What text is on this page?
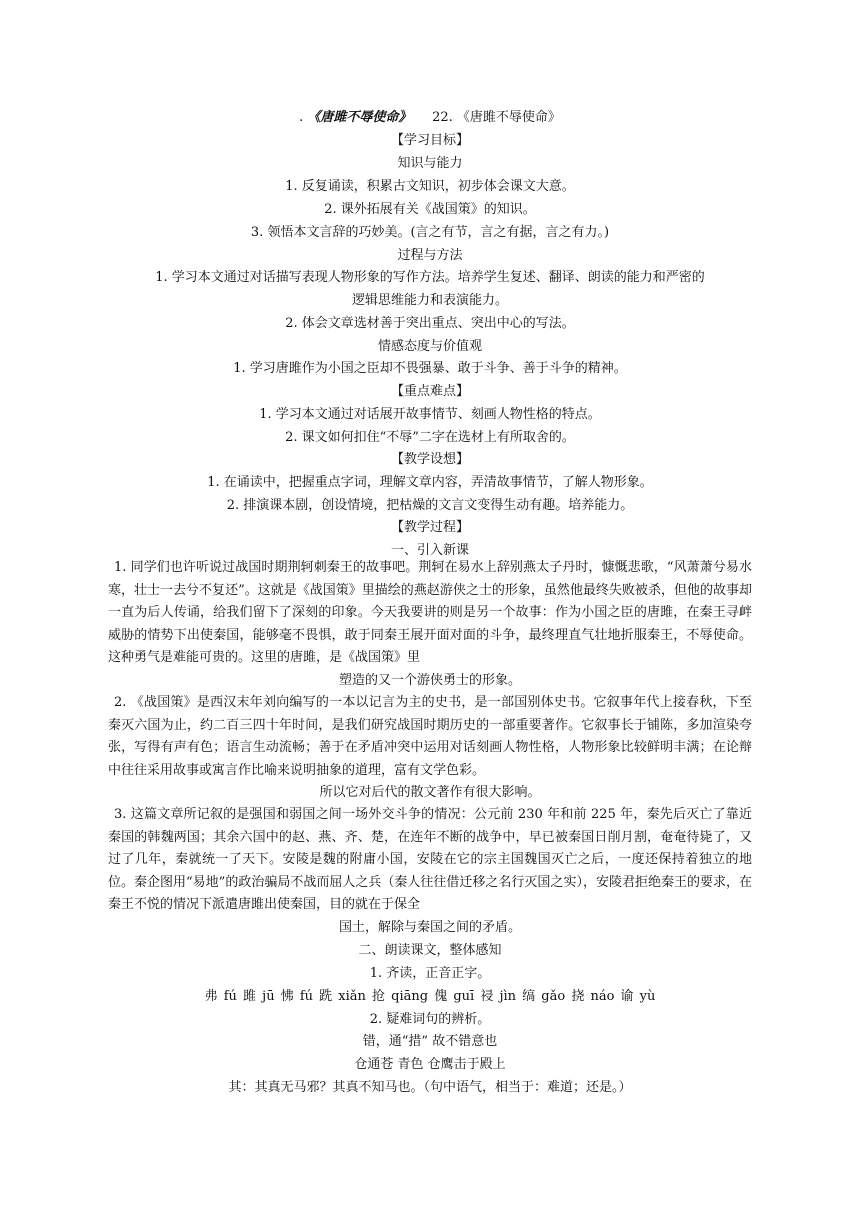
. 《唐雎不辱使命》 22. 《唐雎不辱使命》
【学习目标】
知识与能力
1. 反复诵读，积累古文知识，初步体会课文大意。
2. 课外拓展有关《战国策》的知识。
3. 领悟本文言辞的巧妙美。(言之有节，言之有据，言之有力。)
过程与方法
1. 学习本文通过对话描写表现人物形象的写作方法。培养学生复述、翻译、朗读的能力和严密的
逻辑思维能力和表演能力。
2. 体会文章选材善于突出重点、突出中心的写法。
情感态度与价值观
1. 学习唐雎作为小国之臣却不畏强暴、敢于斗争、善于斗争的精神。
【重点难点】
1. 学习本文通过对话展开故事情节、刻画人物性格的特点。
2. 课文如何扣住“不辱”二字在选材上有所取舍的。
【教学设想】
1. 在诵读中，把握重点字词，理解文章内容，弄清故事情节，了解人物形象。
2. 排演课本剧，创设情境，把枯燥的文言文变得生动有趣。培养能力。
【教学过程】
一、引入新课
1. 同学们也许听说过战国时期荆轲刺秦王的故事吧。荆轲在易水上辞别燕太子丹时，慷慨悲歌，“风萧萧兮易水寒，壮士一去兮不复还”。这就是《战国策》里描绘的燕赵游侠之士的形象，虽然他最终失败被杀，但他的故事却一直为后人传诵，给我们留下了深刻的印象。今天我要讲的则是另一个故事：作为小国之臣的唐雎，在秦王寻衅威胁的情势下出使秦国，能够毫不畏惧，敢于同秦王展开面对面的斗争，最终理直气壮地折服秦王，不辱使命。这种勇气是难能可贵的。这里的唐雎，是《战国策》里
塑造的又一个游侠勇士的形象。
2. 《战国策》是西汉末年刘向编写的一本以记言为主的史书，是一部国别体史书。它叙事年代上接春秋，下至秦灭六国为止，约二百三四十年时间，是我们研究战国时期历史的一部重要著作。它叙事长于铺陈，多加渲染夸张，写得有声有色；语言生动流畅；善于在矛盾冲突中运用对话刻画人物性格，人物形象比较鲜明丰满；在论辩中往往采用故事或寓言作比喻来说明抽象的道理，富有文学色彩。
所以它对后代的散文著作有很大影响。
3. 这篇文章所记叙的是强国和弱国之间一场外交斗争的情况：公元前 230 年和前 225 年，秦先后灭亡了靠近秦国的韩魏两国；其余六国中的赵、燕、齐、楚，在连年不断的战争中，早已被秦国日削月割，奄奄待毙了，又过了几年，秦就统一了天下。安陵是魏的附庸小国，安陵在它的宗主国魏国灭亡之后，一度还保持着独立的地位。秦企图用“易地”的政治骗局不战而屈人之兵（秦人往往借迁移之名行灭国之实），安陵君拒绝秦王的要求，在秦王不悦的情况下派遣唐雎出使秦国，目的就在于保全
国土，解除与秦国之间的矛盾。
二、朗读课文，整体感知
1. 齐读，正音正字。
弗 fú 雎 jū 怫 fú 跣 xiǎn 抢 qiāng 傀 guī 祲 jìn 缟 gǎo 挠 náo 谕 yù
2. 疑难词句的辨析。
错，通“措” 故不错意也
仓通苍 青色 仓鹰击于殿上
其：其真无马邪？其真不知马也。（句中语气，相当于：难道；还是。）
